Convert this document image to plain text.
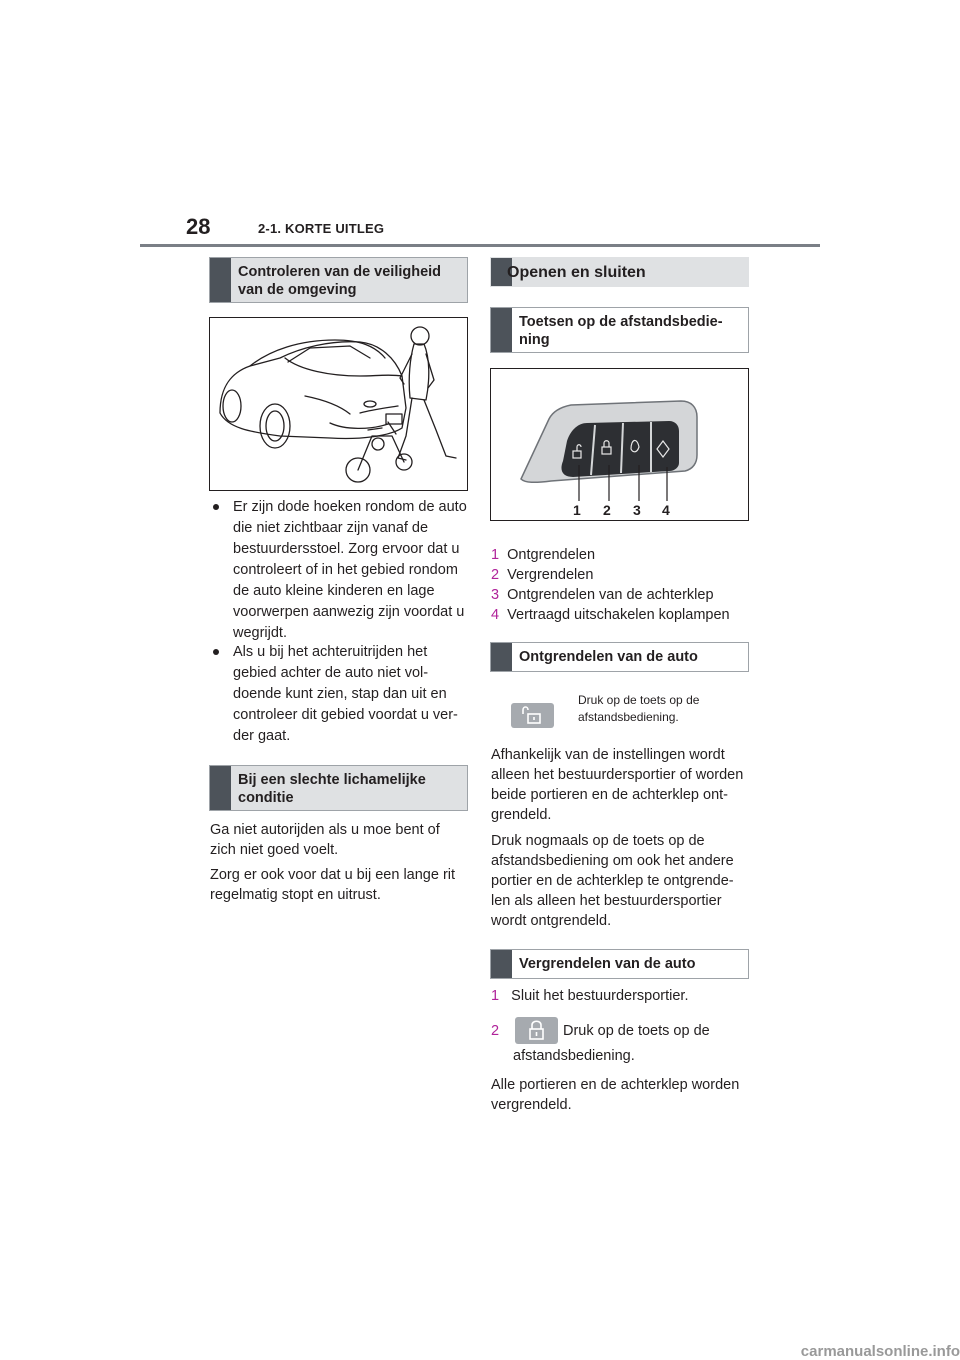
28	2-1. KORTE UITLEG
Controleren van de veiligheid
van de omgeving
Er zijn dode hoeken rondom de auto
die niet zichtbaar zijn vanaf de
bestuurdersstoel. Zorg ervoor dat u
controleert of in het gebied rondom
de auto kleine kinderen en lage
voorwerpen aanwezig zijn voordat u
wegrijdt.
Als u bij het achteruitrijden het
gebied achter de auto niet vol-
doende kunt zien, stap dan uit en
controleer dit gebied voordat u ver-
der gaat.
Bij een slechte lichamelijke
conditie
Ga niet autorijden als u moe bent of
zich niet goed voelt.
Zorg er ook voor dat u bij een lange rit
regelmatig stopt en uitrust.
Openen en sluiten
Toetsen op de afstandsbedie-
ning
1 2 3 4
1 Ontgrendelen
2 Vergrendelen
3 Ontgrendelen van de achterklep
4 Vertraagd uitschakelen koplampen
Ontgrendelen van de auto
Druk op de toets op de
afstandsbediening.
Afhankelijk van de instellingen wordt
alleen het bestuurdersportier of worden
beide portieren en de achterklep ont-
grendeld.
Druk nogmaals op de toets op de
afstandsbediening om ook het andere
portier en de achterklep te ontgrende-
len als alleen het bestuurdersportier
wordt ontgrendeld.
Vergrendelen van de auto
1 Sluit het bestuurdersportier.
2	Druk op de toets op de
afstandsbediening.
Alle portieren en de achterklep worden
vergrendeld.
carmanualsonline.info
